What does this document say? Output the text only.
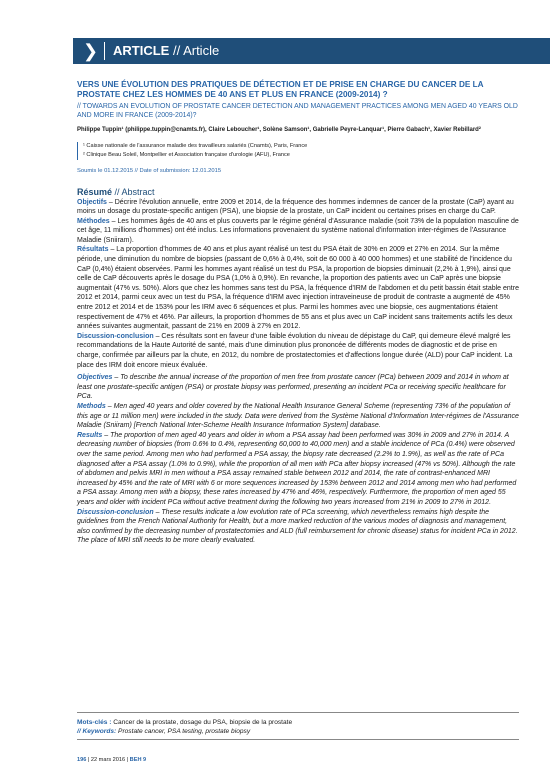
❯ ARTICLE // Article

VERS UNE ÉVOLUTION DES PRATIQUES DE DÉTECTION ET DE PRISE EN CHARGE DU CANCER DE LA PROSTATE CHEZ LES HOMMES DE 40 ANS ET PLUS EN FRANCE (2009-2014) ?

// TOWARDS AN EVOLUTION OF PROSTATE CANCER DETECTION AND MANAGEMENT PRACTICES AMONG MEN AGED 40 YEARS OLD AND MORE IN FRANCE (2009-2014)?

Philippe Tuppin¹ (philippe.tuppin@cnamts.fr), Claire Leboucher¹, Solène Samson¹, Gabrielle Peyre-Lanquar¹, Pierre Gabach¹, Xavier Rebillard²

¹ Caisse nationale de l'assurance maladie des travailleurs salariés (Cnamts), Paris, France
² Clinique Beau Soleil, Montpellier et Association française d'urologie (AFU), France
Soumis le 01.12.2015 // Date of submission: 12.01.2015
Résumé // Abstract

Objectifs – Décrire l'évolution annuelle, entre 2009 et 2014, de la fréquence des hommes indemnes de cancer de la prostate (CaP) ayant au moins un dosage du prostate-specific antigen (PSA), une biopsie de la prostate, un CaP incident ou certaines prises en charge du CaP.

Méthodes – Les hommes âgés de 40 ans et plus couverts par le régime général d'Assurance maladie (soit 73% de la population masculine de cet âge, 11 millions d'hommes) ont été inclus. Les informations provenaient du système national d'information inter-régimes de l'Assurance Maladie (Sniiram).

Résultats – La proportion d'hommes de 40 ans et plus ayant réalisé un test du PSA était de 30% en 2009 et 27% en 2014. Sur la même période, une diminution du nombre de biopsies (passant de 0,6% à 0,4%, soit de 60 000 à 40 000 hommes) et une stabilité de l'incidence du CaP (0,4%) étaient observées. Parmi les hommes ayant réalisé un test du PSA, la proportion de biopsies diminuait (2,2% à 1,9%), ainsi que celle de CaP découverts après le dosage du PSA (1,0% à 0,9%). En revanche, la proportion des patients avec un CaP après une biopsie augmentait (47% vs. 50%). Alors que chez les hommes sans test du PSA, la fréquence d'IRM de l'abdomen et du petit bassin était stable entre 2012 et 2014, parmi ceux avec un test du PSA, la fréquence d'IRM avec injection intraveineuse de produit de contraste a augmenté de 45% entre 2012 et 2014 et de 153% pour les IRM avec 6 séquences et plus. Parmi les hommes avec une biopsie, ces augmentations étaient respectivement de 47% et 46%. Par ailleurs, la proportion d'hommes de 55 ans et plus avec un CaP incident sans traitements actifs les deux années suivantes augmentait, passant de 21% en 2009 à 27% en 2012.

Discussion-conclusion – Ces résultats sont en faveur d'une faible évolution du niveau de dépistage du CaP, qui demeure élevé malgré les recommandations de la Haute Autorité de santé, mais d'une diminution plus prononcée de différents modes de diagnostic et de prise en charge, confirmée par ailleurs par la chute, en 2012, du nombre de prostatectomies et d'affections longue durée (ALD) pour CaP incident. La place des IRM doit encore mieux évaluée.

Objectives – To describe the annual increase of the proportion of men free from prostate cancer (PCa) between 2009 and 2014 in whom at least one prostate-specific antigen (PSA) or prostate biopsy was performed, presenting an incident PCa or receiving specific healthcare for PCa.

Methods – Men aged 40 years and older covered by the National Health Insurance General Scheme (representing 73% of the population of this age or 11 million men) were included in the study. Data were derived from the Système National d'Information Inter-régimes de l'Assurance Maladie (Sniiram) [French National Inter-Scheme Health Insurance Information System] database.

Results – The proportion of men aged 40 years and older in whom a PSA assay had been performed was 30% in 2009 and 27% in 2014. A decreasing number of biopsies (from 0.6% to 0.4%, representing 60,000 to 40,000 men) and a stable incidence of PCa (0.4%) were observed over the same period. Among men who had performed a PSA assay, the biopsy rate decreased (2.2% to 1.9%), as well as the rate of PCa diagnosed after a PSA assay (1.0% to 0.9%), while the proportion of all men with PCa after biopsy increased (47% vs 50%). Although the rate of abdomen and pelvis MRI in men without a PSA assay remained stable between 2012 and 2014, the rate of contrast-enhanced MRI increased by 45% and the rate of MRI with 6 or more sequences increased by 153% between 2012 and 2014 among men who had performed a PSA assay. Among men with a biopsy, these rates increased by 47% and 46%, respectively. Furthermore, the proportion of men aged 55 years and older with incident PCa without active treatment during the following two years increased from 21% in 2009 to 27% in 2012.

Discussion-conclusion – These results indicate a low evolution rate of PCa screening, which nevertheless remains high despite the guidelines from the French National Authority for Health, but a more marked reduction of the various modes of diagnosis and management, also confirmed by the decreasing number of prostatectomies and ALD (full reimbursement for chronic disease) status for incident PCa in 2012. The place of MRI still needs to be more clearly evaluated.

Mots-clés : Cancer de la prostate, dosage du PSA, biopsie de la prostate
// Keywords: Prostate cancer, PSA testing, prostate biopsy
196 | 22 mars 2016 | BEH 9
